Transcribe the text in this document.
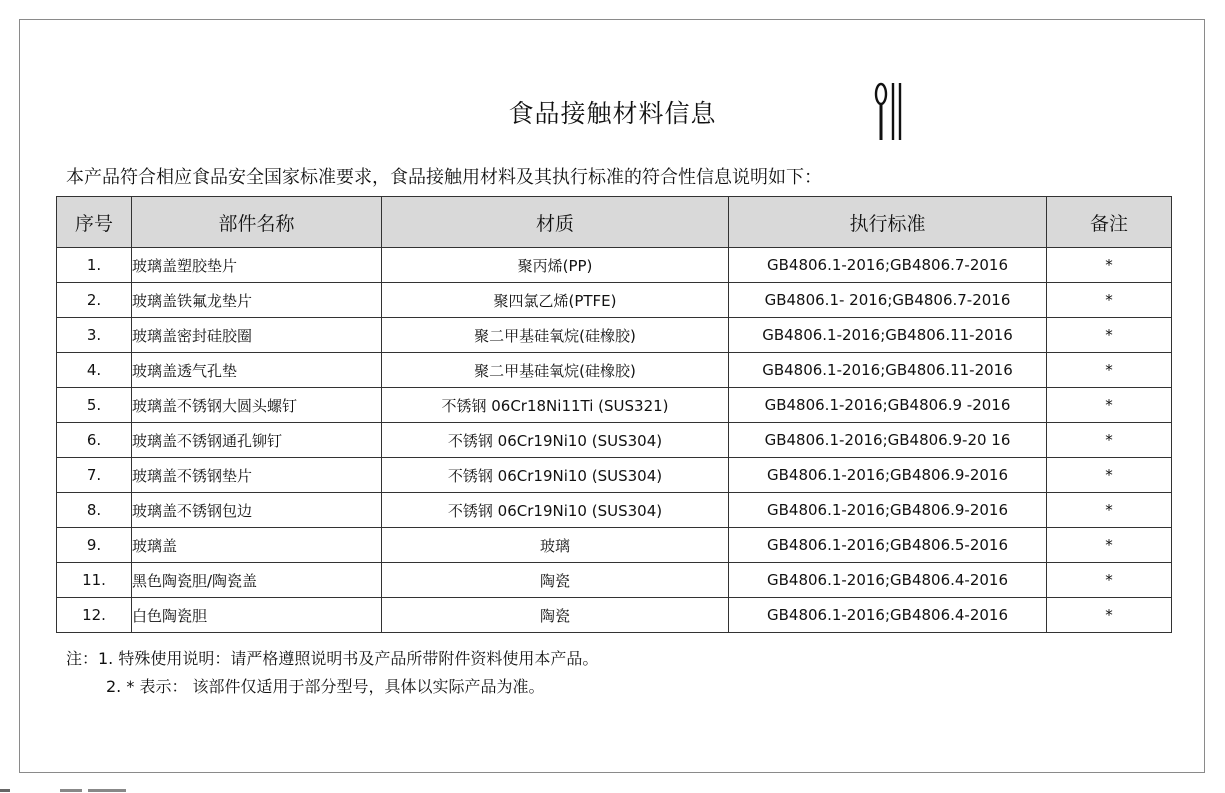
食品接触材料信息
本产品符合相应食品安全国家标准要求，食品接触用材料及其执行标准的符合性信息说明如下：
序号	部件名称	材质	执行标准	备注
1.	玻璃盖塑胶垫片	聚丙烯(PP)	GB4806.1-2016;GB4806.7-2016	*
2.	玻璃盖铁氟龙垫片	聚四氯乙烯(PTFE)	GB4806.1- 2016;GB4806.7-2016	*
3.	玻璃盖密封硅胶圈	聚二甲基硅氧烷(硅橡胶)	GB4806.1-2016;GB4806.11-2016	*
4.	玻璃盖透气孔垫	聚二甲基硅氧烷(硅橡胶)	GB4806.1-2016;GB4806.11-2016	*
5.	玻璃盖不锈钢大圆头螺钉	不锈钢 06Cr18Ni11Ti (SUS321)	GB4806.1-2016;GB4806.9 -2016	*
6.	玻璃盖不锈钢通孔铆钉	不锈钢 06Cr19Ni10 (SUS304)	GB4806.1-2016;GB4806.9-20 16	*
7.	玻璃盖不锈钢垫片	不锈钢 06Cr19Ni10 (SUS304)	GB4806.1-2016;GB4806.9-2016	*
8.	玻璃盖不锈钢包边	不锈钢 06Cr19Ni10 (SUS304)	GB4806.1-2016;GB4806.9-2016	*
9.	玻璃盖	玻璃	GB4806.1-2016;GB4806.5-2016	*
11.	黑色陶瓷胆/陶瓷盖	陶瓷	GB4806.1-2016;GB4806.4-2016	*
12.	白色陶瓷胆	陶瓷	GB4806.1-2016;GB4806.4-2016	*
注：1. 特殊使用说明：请严格遵照说明书及产品所带附件资料使用本产品。
2. * 表示： 该部件仅适用于部分型号，具体以实际产品为准。
